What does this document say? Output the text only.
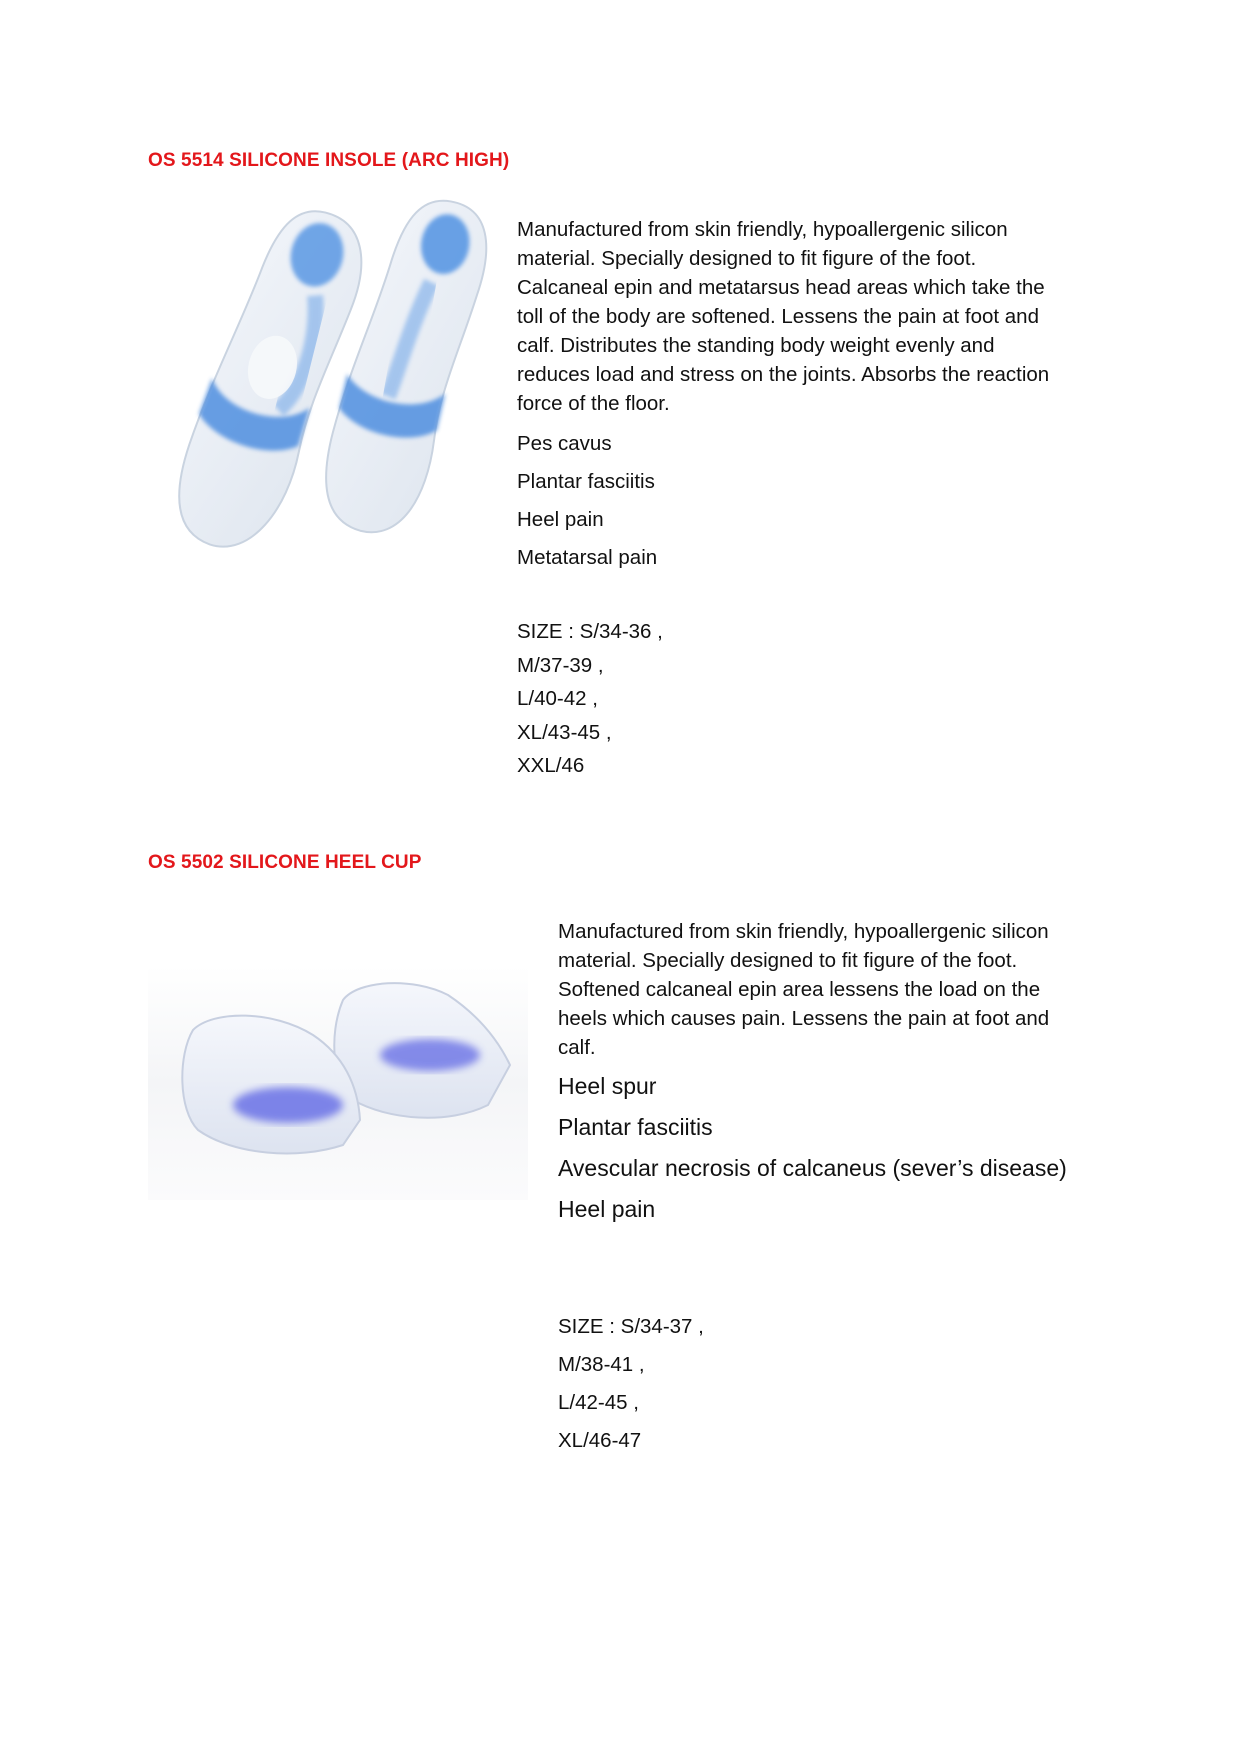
OS 5514 SILICONE INSOLE (ARC HIGH)

Manufactured from skin friendly, hypoallergenic silicon material. Specially designed to fit figure of the foot. Calcaneal epin and metatarsus head areas which take the toll of the body are softened. Lessens the pain at foot and calf. Distributes the standing body weight evenly and reduces load and stress on the joints. Absorbs the reaction force of the floor.

Pes cavus
Plantar fasciitis
Heel pain
Metatarsal pain
SIZE : S/34-36 ,
M/37-39 ,
L/40-42 ,
XL/43-45 ,
XXL/46
OS 5502 SILICONE HEEL CUP

Manufactured from skin friendly, hypoallergenic silicon material. Specially designed to fit figure of the foot. Softened calcaneal epin area lessens the load on the heels which causes pain. Lessens the pain at foot and calf.

Heel spur
Plantar fasciitis
Avescular necrosis of calcaneus (sever’s disease)
Heel pain
SIZE : S/34-37 ,
M/38-41 ,
L/42-45 ,
XL/46-47
